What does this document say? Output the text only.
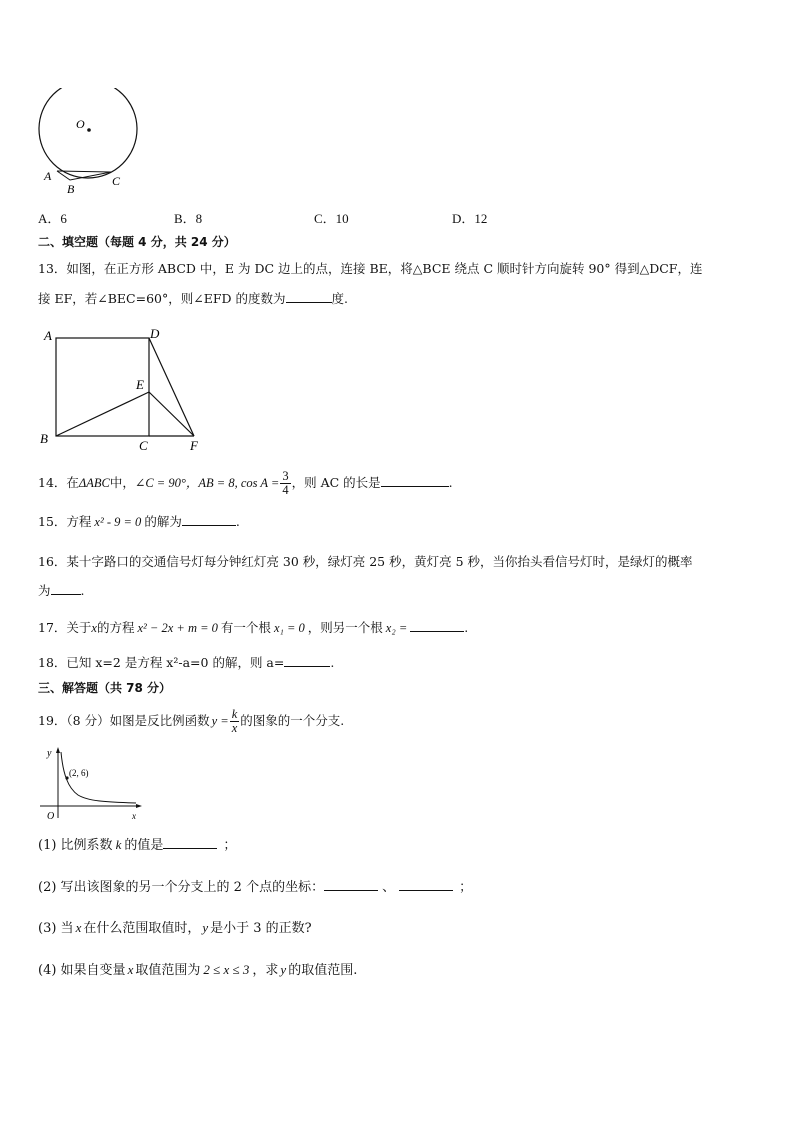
O
A
B
C
A．6	B．8	C．10	D．12
二、填空题（每题 4 分，共 24 分）
13．如图，在正方形 ABCD 中，E 为 DC 边上的点，连接 BE，将△BCE 绕点 C 顺时针方向旋转 90° 得到△DCF，连
接 EF，若∠BEC=60°，则∠EFD 的度数为	度.
A	D
E
B	C	F
14．在ΔABC中，∠C = 90°，AB = 8, $\cos A = \frac{3}{4}$ ，则 AC 的长是	.
15．方程 x² - 9 = 0 的解为	.
16．某十字路口的交通信号灯每分钟红灯亮 30 秒，绿灯亮 25 秒，黄灯亮 5 秒，当你抬头看信号灯时，是绿灯的概率
为 .
17．关于x的方程 x² − 2x + m = 0 有一个根 x₁ = 0 ，则另一个根 x₂ =	.
18．已知 x=2 是方程 x²-a=0 的解，则 a=	.
三、解答题（共 78 分）
19．（8 分）如图是反比例函数 $y = \frac{k}{x}$ 的图象的一个分支.
(2, 6)
y
x
O
(1) 比例系数 k 的值是	；
(2) 写出该图象的另一个分支上的 2 个点的坐标：	、	；
(3) 当 x 在什么范围取值时， y 是小于 3 的正数?
(4) 如果自变量 x 取值范围为 2 ≤ x ≤ 3 ，求 y 的取值范围.
